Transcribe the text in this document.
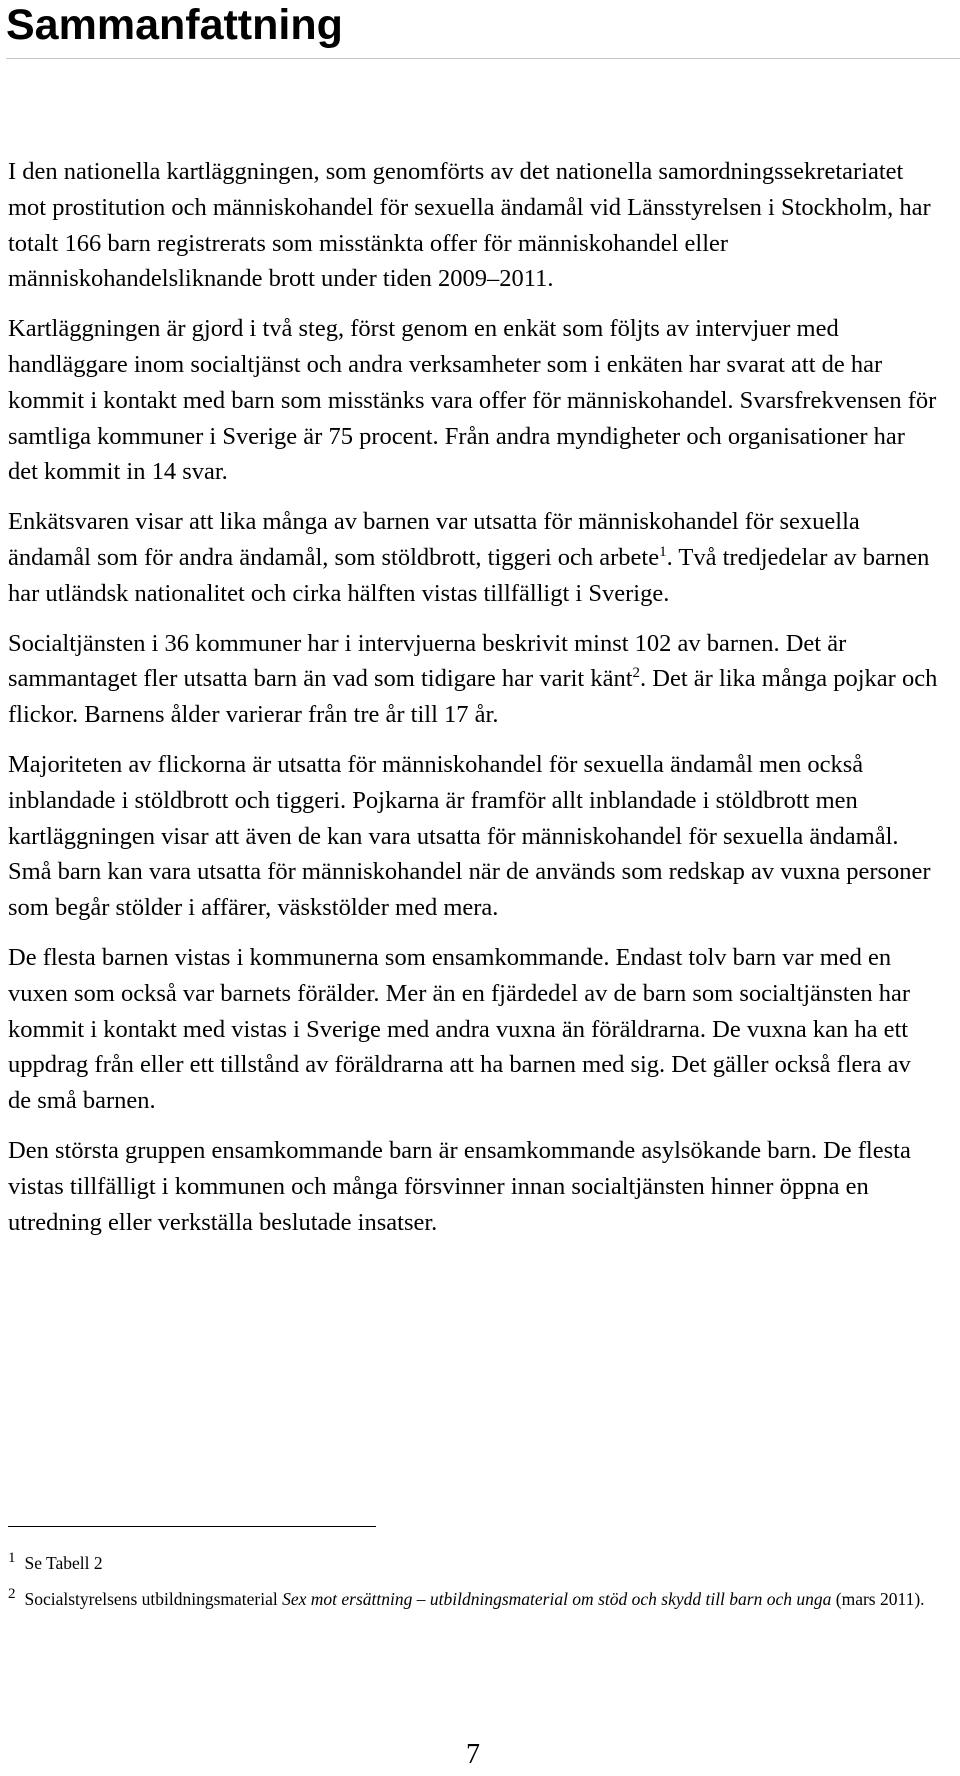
Sammanfattning

I den nationella kartläggningen, som genomförts av det nationella samordningssekretariatet mot prostitution och människohandel för sexuella ändamål vid Länsstyrelsen i Stockholm, har totalt 166 barn registrerats som misstänkta offer för människohandel eller människohandelsliknande brott under tiden 2009–2011.

Kartläggningen är gjord i två steg, först genom en enkät som följts av intervjuer med handläggare inom socialtjänst och andra verksamheter som i enkäten har svarat att de har kommit i kontakt med barn som misstänks vara offer för människohandel. Svarsfrekvensen för samtliga kommuner i Sverige är 75 procent. Från andra myndigheter och organisationer har det kommit in 14 svar.

Enkätsvaren visar att lika många av barnen var utsatta för människohandel för sexuella ändamål som för andra ändamål, som stöldbrott, tiggeri och arbete$^1$. Två tredjedelar av barnen har utländsk nationalitet och cirka hälften vistas tillfälligt i Sverige.

Socialtjänsten i 36 kommuner har i intervjuerna beskrivit minst 102 av barnen. Det är sammantaget fler utsatta barn än vad som tidigare har varit känt$^2$. Det är lika många pojkar och flickor. Barnens ålder varierar från tre år till 17 år.

Majoriteten av flickorna är utsatta för människohandel för sexuella ändamål men också inblandade i stöldbrott och tiggeri. Pojkarna är framför allt inblandade i stöldbrott men kartläggningen visar att även de kan vara utsatta för människohandel för sexuella ändamål. Små barn kan vara utsatta för människohandel när de används som redskap av vuxna personer som begår stölder i affärer, väskstölder med mera.

De flesta barnen vistas i kommunerna som ensamkommande. Endast tolv barn var med en vuxen som också var barnets förälder. Mer än en fjärdedel av de barn som socialtjänsten har kommit i kontakt med vistas i Sverige med andra vuxna än föräldrarna. De vuxna kan ha ett uppdrag från eller ett tillstånd av föräldrarna att ha barnen med sig. Det gäller också flera av de små barnen.

Den största gruppen ensamkommande barn är ensamkommande asylsökande barn. De flesta vistas tillfälligt i kommunen och många försvinner innan socialtjänsten hinner öppna en utredning eller verkställa beslutade insatser.

1 Se Tabell 2

2 Socialstyrelsens utbildningsmaterial Sex mot ersättning – utbildningsmaterial om stöd och skydd till barn och unga (mars 2011).

7
